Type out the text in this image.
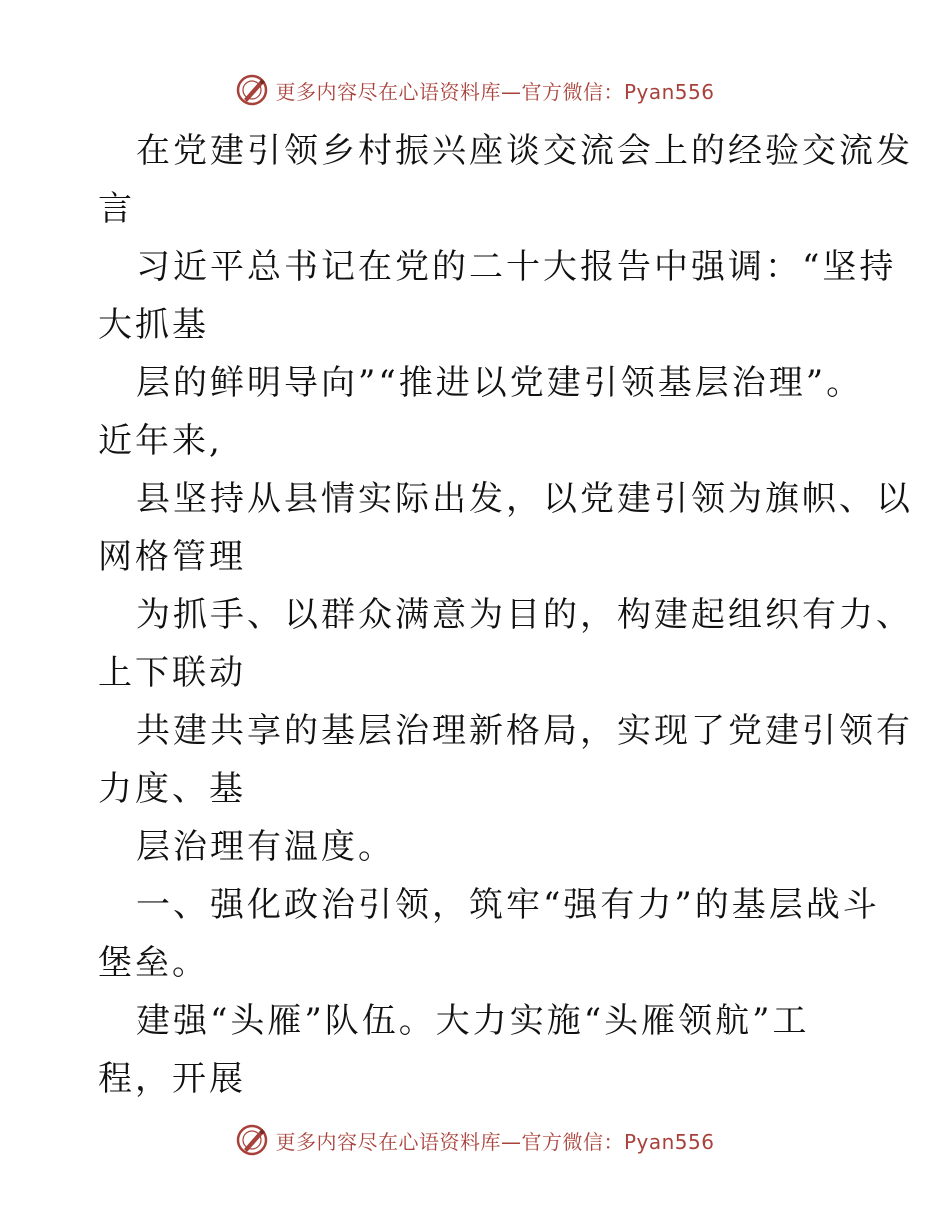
更多内容尽在心语资料库—官方微信：Pyan556
在党建引领乡村振兴座谈交流会上的经验交流发
言
习近平总书记在党的二十大报告中强调：“坚持
大抓基
层的鲜明导向”“推进以党建引领基层治理”。
近年来,
县坚持从县情实际出发，以党建引领为旗帜、以
网格管理
为抓手、以群众满意为目的，构建起组织有力、
上下联动
共建共享的基层治理新格局，实现了党建引领有
力度、基
层治理有温度。
一、强化政治引领，筑牢“强有力”的基层战斗
堡垒。
建强“头雁”队伍。大力实施“头雁领航”工
程，开展
更多内容尽在心语资料库—官方微信：Pyan556
